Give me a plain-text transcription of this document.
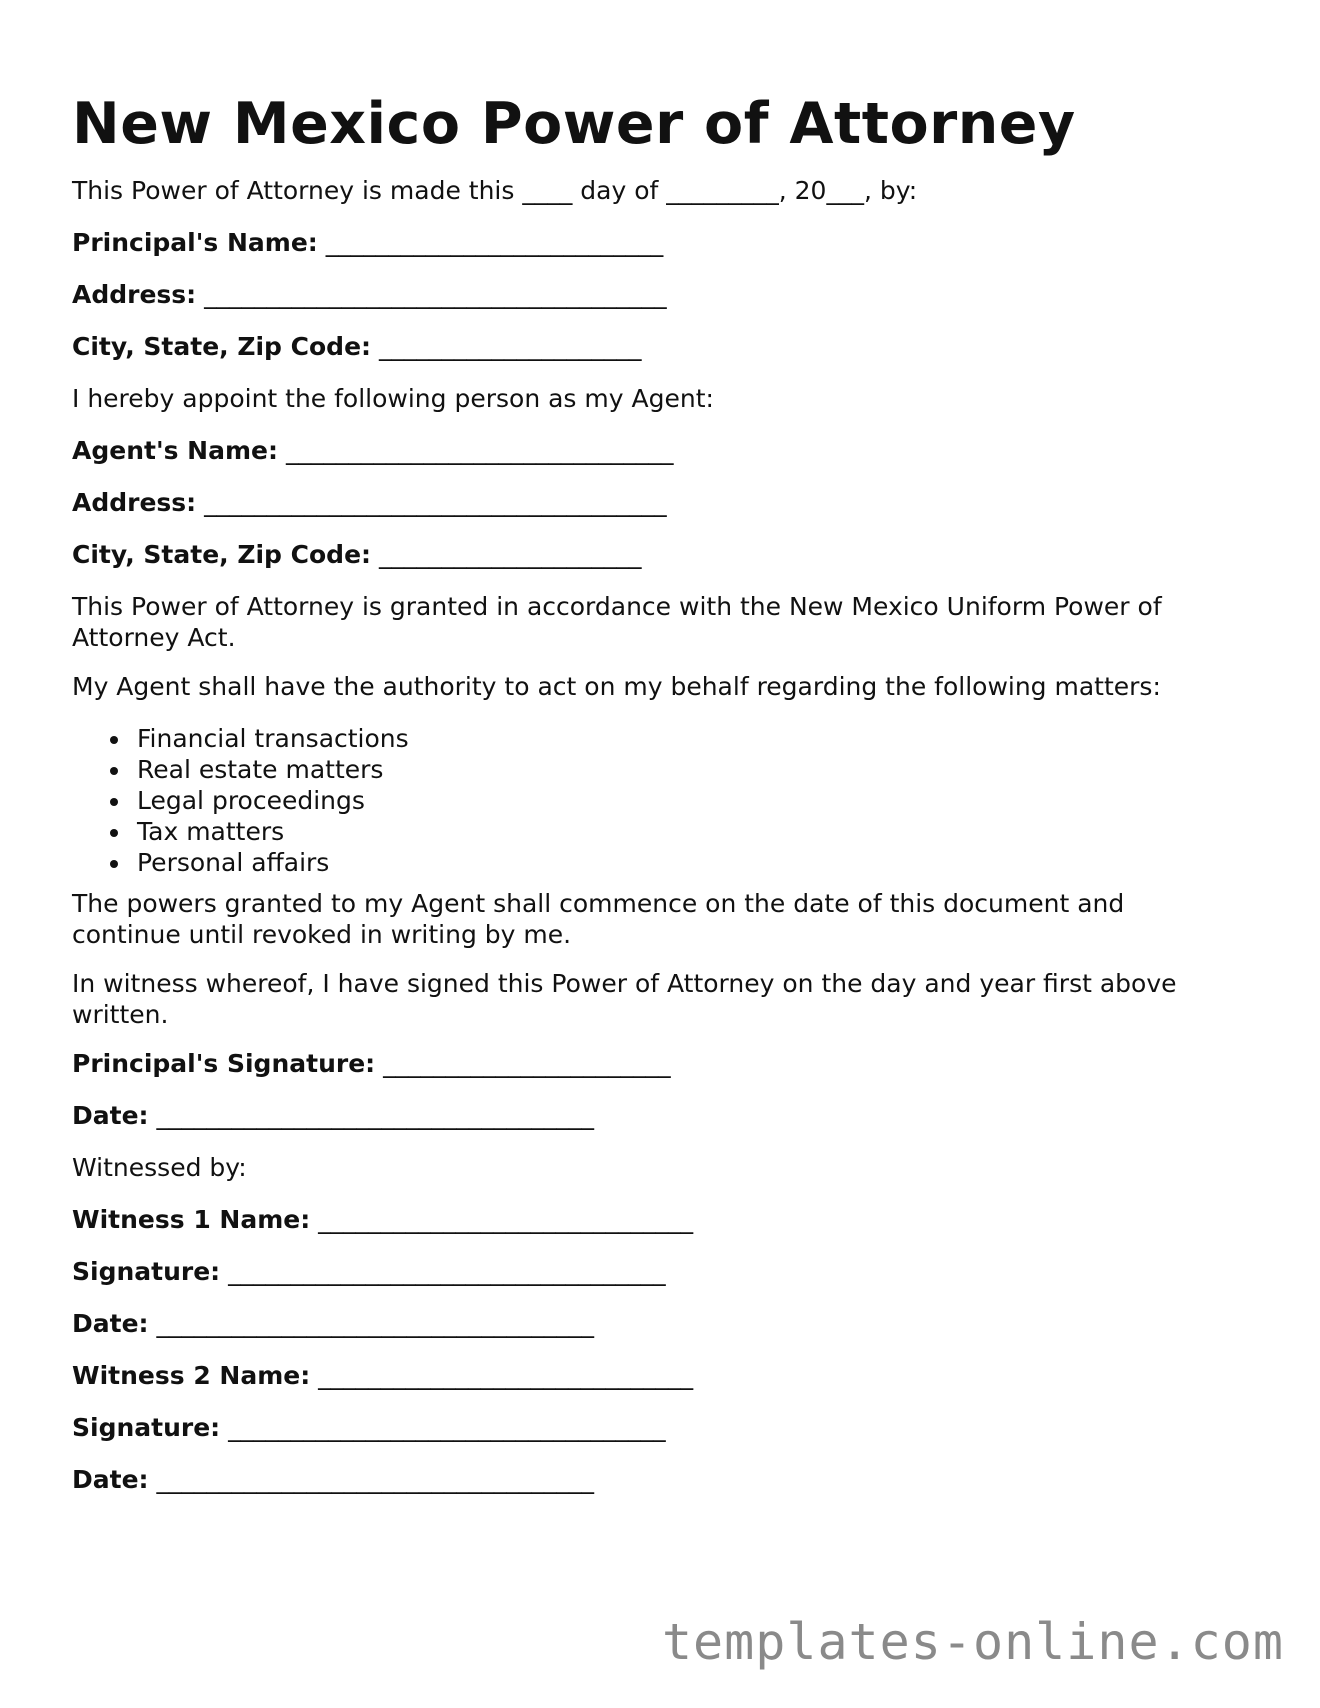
New Mexico Power of Attorney

This Power of Attorney is made this ____ day of _________, 20___, by:

Principal's Name: ___________________________

Address: _____________________________________

City, State, Zip Code: _____________________

I hereby appoint the following person as my Agent:

Agent's Name: _______________________________

Address: _____________________________________

City, State, Zip Code: _____________________

This Power of Attorney is granted in accordance with the New Mexico Uniform Power of Attorney Act.

My Agent shall have the authority to act on my behalf regarding the following matters:

Financial transactions
Real estate matters
Legal proceedings
Tax matters
Personal affairs

The powers granted to my Agent shall commence on the date of this document and continue until revoked in writing by me.

In witness whereof, I have signed this Power of Attorney on the day and year first above written.

Principal's Signature: _______________________

Date: ___________________________________

Witnessed by:

Witness 1 Name: ______________________________

Signature: ___________________________________

Date: ___________________________________

Witness 2 Name: ______________________________

Signature: ___________________________________

Date: ___________________________________

templates-online.com
